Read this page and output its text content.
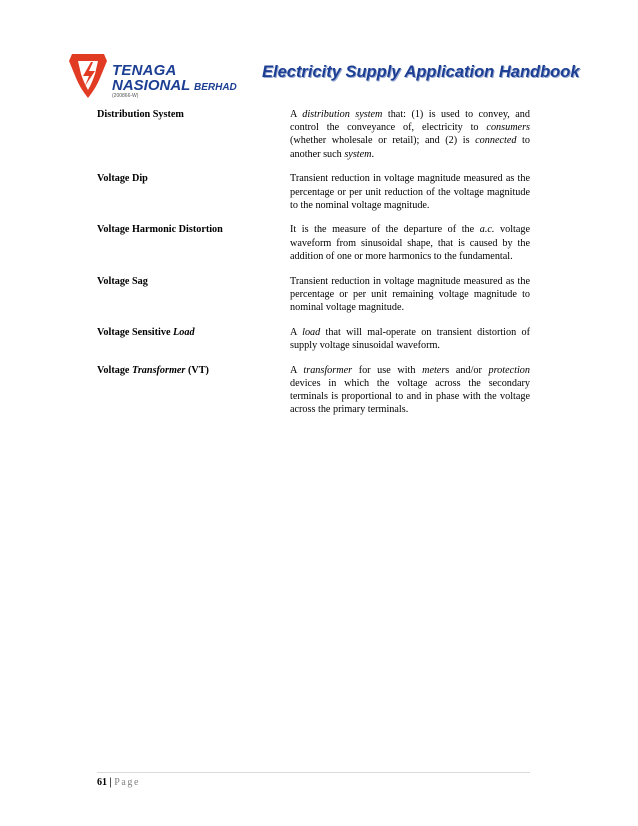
TENAGA
NASIONAL BERHAD
(200866-W)
Electricity Supply Application Handbook
Distribution System	A distribution system that: (1) is used to convey, and control the conveyance of, electricity to consumers (whether wholesale or retail); and (2) is connected to another such system.
Voltage Dip	Transient reduction in voltage magnitude measured as the percentage or per unit reduction of the voltage magnitude to the nominal voltage magnitude.
Voltage Harmonic Distortion	It is the measure of the departure of the a.c. voltage waveform from sinusoidal shape, that is caused by the addition of one or more harmonics to the fundamental.
Voltage Sag	Transient reduction in voltage magnitude measured as the percentage or per unit remaining voltage magnitude to nominal voltage magnitude.
Voltage Sensitive Load	A load that will mal-operate on transient distortion of supply voltage sinusoidal waveform.
Voltage Transformer (VT)	A transformer for use with meters and/or protection devices in which the voltage across the secondary terminals is proportional to and in phase with the voltage across the primary terminals.
61 | Page
